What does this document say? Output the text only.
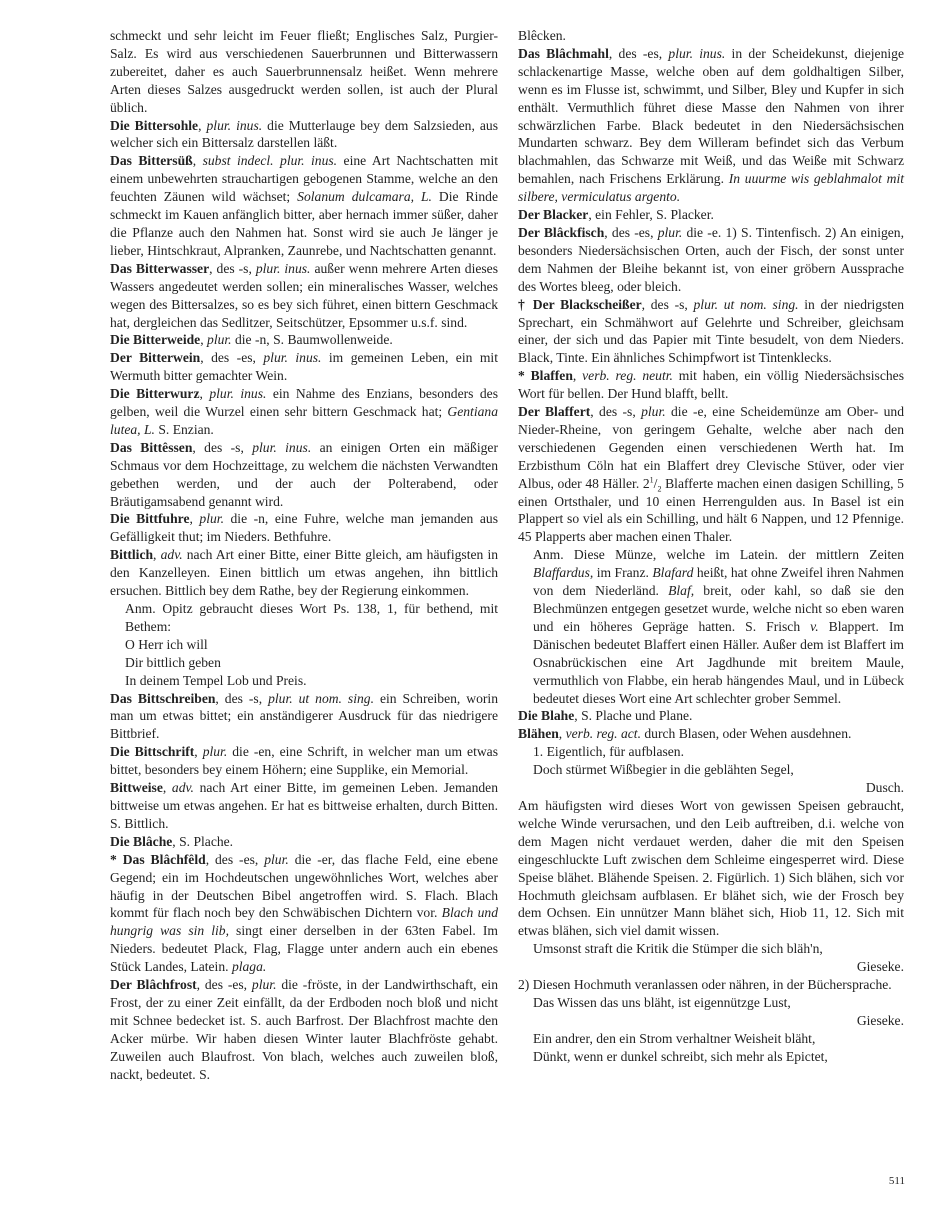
schmeckt und sehr leicht im Feuer fließt; Englisches Salz, Purgier-Salz. Es wird aus verschiedenen Sauerbrunnen und Bitterwassern zubereitet, daher es auch Sauerbrunnensalz heißet. Wenn mehrere Arten dieses Salzes ausgedruckt werden sollen, ist auch der Plural üblich.

Die Bittersohle, plur. inus. die Mutterlauge bey dem Salzsieden, aus welcher sich ein Bittersalz darstellen läßt.

Das Bittersüß, subst indecl. plur. inus. eine Art Nachtschatten mit einem unbewehrten strauchartigen gebogenen Stamme, welche an den feuchten Zäunen wild wächset; Solanum dulcamara, L. Die Rinde schmeckt im Kauen anfänglich bitter, aber hernach immer süßer, daher die Pflanze auch den Nahmen hat. Sonst wird sie auch Je länger je lieber, Hintschkraut, Alpranken, Zaunrebe, und Nachtschatten genannt.

Das Bitterwasser, des -s, plur. inus. außer wenn mehrere Arten dieses Wassers angedeutet werden sollen; ein mineralisches Wasser, welches wegen des Bittersalzes, so es bey sich führet, einen bittern Geschmack hat, dergleichen das Sedlitzer, Seitschützer, Epsommer u.s.f. sind.

Die Bitterweide, plur. die -n, S. Baumwollenweide.

Der Bitterwein, des -es, plur. inus. im gemeinen Leben, ein mit Wermuth bitter gemachter Wein.

Die Bitterwurz, plur. inus. ein Nahme des Enzians, besonders des gelben, weil die Wurzel einen sehr bittern Geschmack hat; Gentiana lutea, L. S. Enzian.

Das Bittêssen, des -s, plur. inus. an einigen Orten ein mäßiger Schmaus vor dem Hochzeittage, zu welchem die nächsten Verwandten gebethen werden, und der auch der Polterabend, oder Bräutigamsabend genannt wird.

Die Bittfuhre, plur. die -n, eine Fuhre, welche man jemanden aus Gefälligkeit thut; im Nieders. Bethfuhre.

Bittlich, adv. nach Art einer Bitte, einer Bitte gleich, am häufigsten in den Kanzelleyen. Einen bittlich um etwas angehen, ihn bittlich ersuchen. Bittlich bey dem Rathe, bey der Regierung einkommen.

Anm. Opitz gebraucht dieses Wort Ps. 138, 1, für bethend, mit Bethem:

O Herr ich will

Dir bittlich geben

In deinem Tempel Lob und Preis.

Das Bittschreiben, des -s, plur. ut nom. sing. ein Schreiben, worin man um etwas bittet; ein anständigerer Ausdruck für das niedrigere Bittbrief.

Die Bittschrift, plur. die -en, eine Schrift, in welcher man um etwas bittet, besonders bey einem Höhern; eine Supplike, ein Memorial.

Bittweise, adv. nach Art einer Bitte, im gemeinen Leben. Jemanden bittweise um etwas angehen. Er hat es bittweise erhalten, durch Bitten. S. Bittlich.

Die Blâche, S. Plache.

* Das Blâchfêld, des -es, plur. die -er, das flache Feld, eine ebene Gegend; ein im Hochdeutschen ungewöhnliches Wort, welches aber häufig in der Deutschen Bibel angetroffen wird. S. Flach. Blach kommt für flach noch bey den Schwäbischen Dichtern vor. Blach und hungrig was sin lib, singt einer derselben in der 63ten Fabel. Im Nieders. bedeutet Plack, Flag, Flagge unter andern auch ein ebenes Stück Landes, Latein. plaga.

Der Blâchfrost, des -es, plur. die -fröste, in der Landwirthschaft, ein Frost, der zu einer Zeit einfällt, da der Erdboden noch bloß und nicht mit Schnee bedecket ist. S. auch Barfrost. Der Blachfrost machte den Acker mürbe. Wir haben diesen Winter lauter Blachfröste gehabt. Zuweilen auch Blaufrost. Von blach, welches auch zuweilen bloß, nackt, bedeutet. S.

Blêcken.

Das Blâchmahl, des -es, plur. inus. in der Scheidekunst, diejenige schlackenartige Masse, welche oben auf dem goldhaltigen Silber, wenn es im Flusse ist, schwimmt, und Silber, Bley und Kupfer in sich enthält. Vermuthlich führet diese Masse den Nahmen von ihrer schwärzlichen Farbe. Black bedeutet in den Niedersächsischen Mundarten schwarz. Bey dem Willeram befindet sich das Verbum blachmahlen, das Schwarze mit Weiß, und das Weiße mit Schwarz bemahlen, nach Frischens Erklärung. In uuurme wis geblahmalot mit silbere, vermiculatus argento.

Der Blacker, ein Fehler, S. Placker.

Der Blâckfisch, des -es, plur. die -e. 1) S. Tintenfisch. 2) An einigen, besonders Niedersächsischen Orten, auch der Fisch, der sonst unter dem Nahmen der Bleihe bekannt ist, von einer gröbern Aussprache des Wortes bleeg, oder bleich.

† Der Blackscheißer, des -s, plur. ut nom. sing. in der niedrigsten Sprechart, ein Schmähwort auf Gelehrte und Schreiber, gleichsam einer, der sich und das Papier mit Tinte besudelt, von dem Nieders. Black, Tinte. Ein ähnliches Schimpfwort ist Tintenklecks.

* Blaffen, verb. reg. neutr. mit haben, ein völlig Niedersächsisches Wort für bellen. Der Hund blafft, bellt.

Der Blaffert, des -s, plur. die -e, eine Scheidemünze am Ober- und Nieder-Rheine, von geringem Gehalte, welche aber nach den verschiedenen Gegenden einen verschiedenen Werth hat. Im Erzbisthum Cöln hat ein Blaffert drey Clevische Stüver, oder vier Albus, oder 48 Häller. $2^1/_2$ Blafferte machen einen dasigen Schilling, 5 einen Ortsthaler, und 10 einen Herrengulden aus. In Basel ist ein Plappert so viel als ein Schilling, und hält 6 Nappen, und 12 Pfennige. 45 Plapperts aber machen einen Thaler.

Anm. Diese Münze, welche im Latein. der mittlern Zeiten Blaffardus, im Franz. Blafard heißt, hat ohne Zweifel ihren Nahmen von dem Niederländ. Blaf, breit, oder kahl, so daß sie den Blechmünzen entgegen gesetzet wurde, welche nicht so eben waren und ein höheres Gepräge hatten. S. Frisch v. Blappert. Im Dänischen bedeutet Blaffert einen Häller. Außer dem ist Blaffert im Osnabrückischen eine Art Jagdhunde mit breitem Maule, vermuthlich von Flabbe, ein herab hängendes Maul, und in Lübeck bedeutet dieses Wort eine Art schlechter grober Semmel.

Die Blahe, S. Plache und Plane.

Blähen, verb. reg. act. durch Blasen, oder Wehen ausdehnen.

1. Eigentlich, für aufblasen.

Doch stürmet Wißbegier in die geblähten Segel,

Dusch.

Am häufigsten wird dieses Wort von gewissen Speisen gebraucht, welche Winde verursachen, und den Leib auftreiben, d.i. welche von dem Magen nicht verdauet werden, daher die mit den Speisen eingeschluckte Luft zwischen dem Schleime eingesperret wird. Diese Speise blähet. Blähende Speisen. 2. Figürlich. 1) Sich blähen, sich vor Hochmuth gleichsam aufblasen. Er blähet sich, wie der Frosch bey dem Ochsen. Ein unnützer Mann blähet sich, Hiob 11, 12. Sich mit etwas blähen, sich viel damit wissen.

Umsonst straft die Kritik die Stümper die sich bläh'n,

Gieseke.

2) Diesen Hochmuth veranlassen oder nähren, in der Büchersprache.

Das Wissen das uns bläht, ist eigennützge Lust,

Gieseke.

Ein andrer, den ein Strom verhaltner Weisheit bläht,

Dünkt, wenn er dunkel schreibt, sich mehr als Epictet,

511
